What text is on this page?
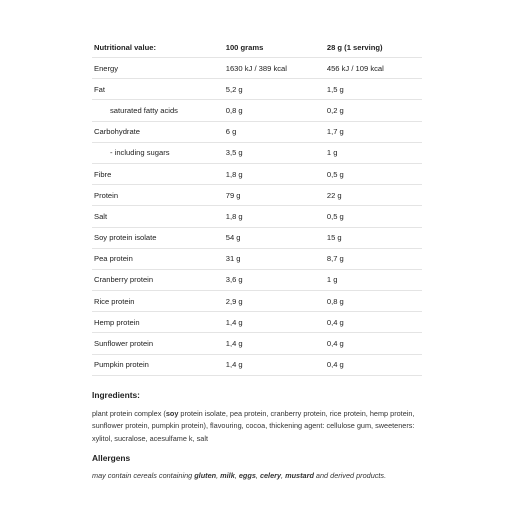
Nutritional value:	100 grams	28 g (1 serving)
Energy	1630 kJ / 389 kcal	456 kJ / 109 kcal
Fat	5,2 g	1,5 g
saturated fatty acids	0,8 g	0,2 g
Carbohydrate	6 g	1,7 g
- including sugars	3,5 g	1 g
Fibre	1,8 g	0,5 g
Protein	79 g	22 g
Salt	1,8 g	0,5 g
Soy protein isolate	54 g	15 g
Pea protein	31 g	8,7 g
Cranberry protein	3,6 g	1 g
Rice protein	2,9 g	0,8 g
Hemp protein	1,4 g	0,4 g
Sunflower protein	1,4 g	0,4 g
Pumpkin protein	1,4 g	0,4 g
Ingredients:
plant protein complex (soy protein isolate, pea protein, cranberry protein, rice protein, hemp protein, sunflower protein, pumpkin protein), flavouring, cocoa, thickening agent: cellulose gum, sweeteners: xylitol, sucralose, acesulfame k, salt
Allergens
may contain cereals containing gluten, milk, eggs, celery, mustard and derived products.
